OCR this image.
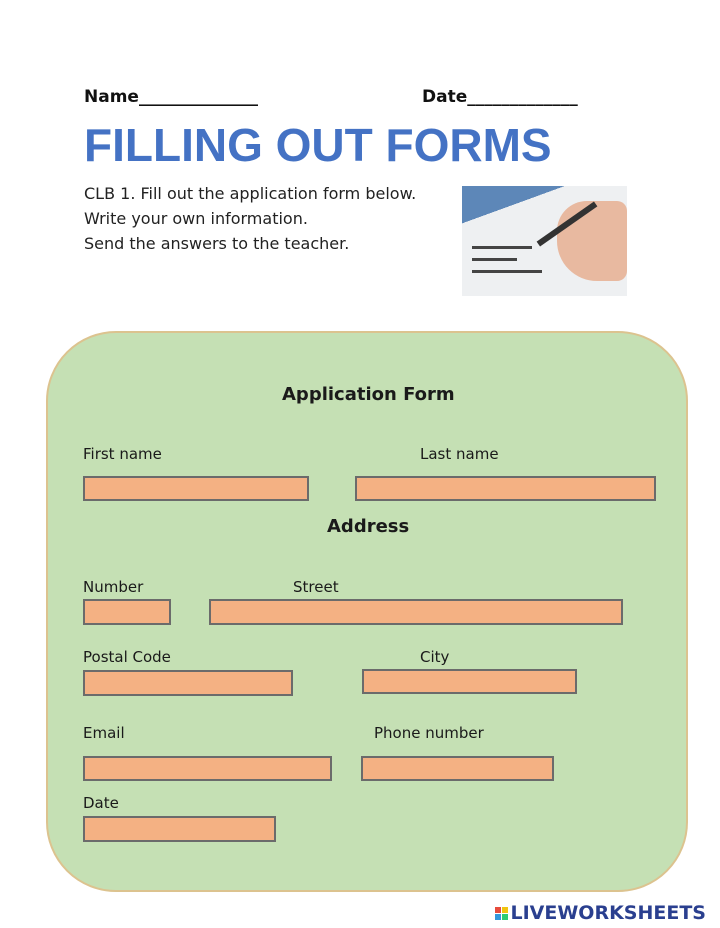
Name______________	Date_____________
FILLING OUT FORMS
CLB 1. Fill out the application form below.
Write your own information.
Send the answers to the teacher.
Application Form
First name	Last name
Address
Number	Street
Postal Code	City
Email	Phone number
Date
LIVEWORKSHEETS
